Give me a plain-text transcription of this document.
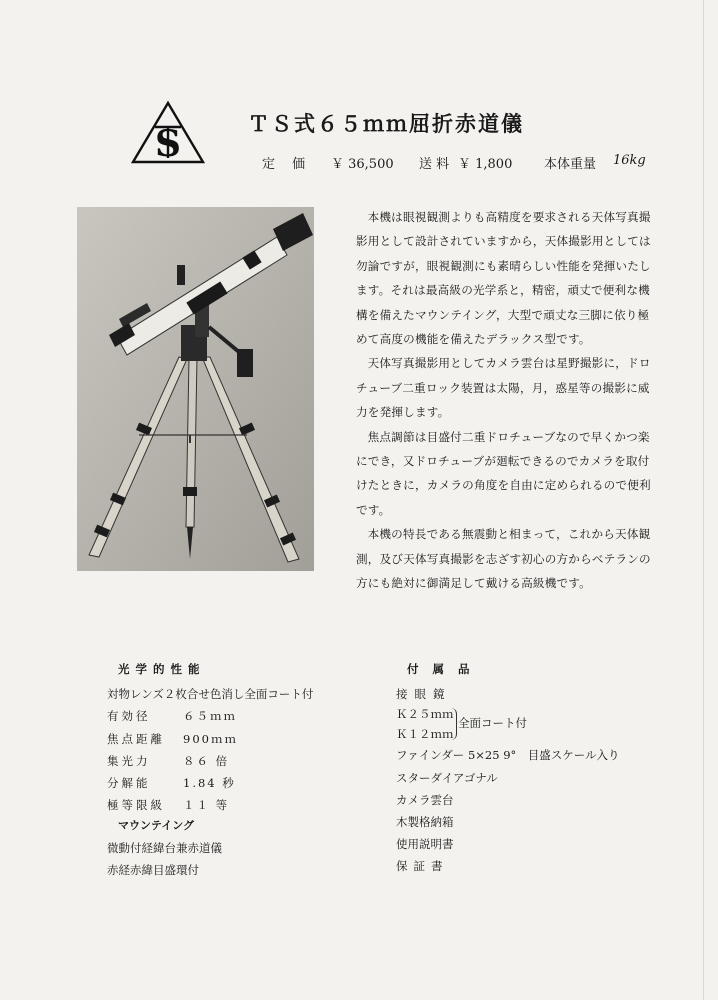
S	ＴＳ式６５ｍｍ屈折赤道儀
定　 価 ￥ 36,500 送 料 ￥ 1,800 本体重量 16kg

本機は眼視観測よりも高精度を要求される天体写真撮影用として設計されていますから，天体撮影用としては勿論ですが，眼視観測にも素晴らしい性能を発揮いたします。それは最高級の光学系と，精密，頑丈で便利な機構を備えたマウンテイング，大型で頑丈な三脚に依り極めて高度の機能を備えたデラックス型です。

天体写真撮影用としてカメラ雲台は星野撮影に，ドロチューブ二重ロック装置は太陽，月，惑星等の撮影に威力を発揮します。

焦点調節は目盛付二重ドロチューブなので早くかつ楽にでき，又ドロチューブが廻転できるのでカメラを取付けたときに，カメラの角度を自由に定められるので便利です。

本機の特長である無震動と相まって，これから天体観測，及び天体写真撮影を志ざす初心の方からベテランの方にも絶対に御満足して戴ける高級機です。

光学的性能
対物レンズ２枚合せ色消し全面コート付
有効径	６５ｍｍ
焦点距離 900ｍｍ
集光力	８６ 倍
分解能	1.84 秒
極等限級 １１ 等
マウンテイング
微動付経緯台兼赤道儀
赤経赤緯目盛環付
付属品
接眼鏡
Ｋ２５ｍｍ
Ｋ１２ｍｍ
全面コート付
ファインダー 5×25 9°　目盛スケール入り
スターダイアゴナル
カメラ雲台
木製格納箱
使用説明書
保証書
